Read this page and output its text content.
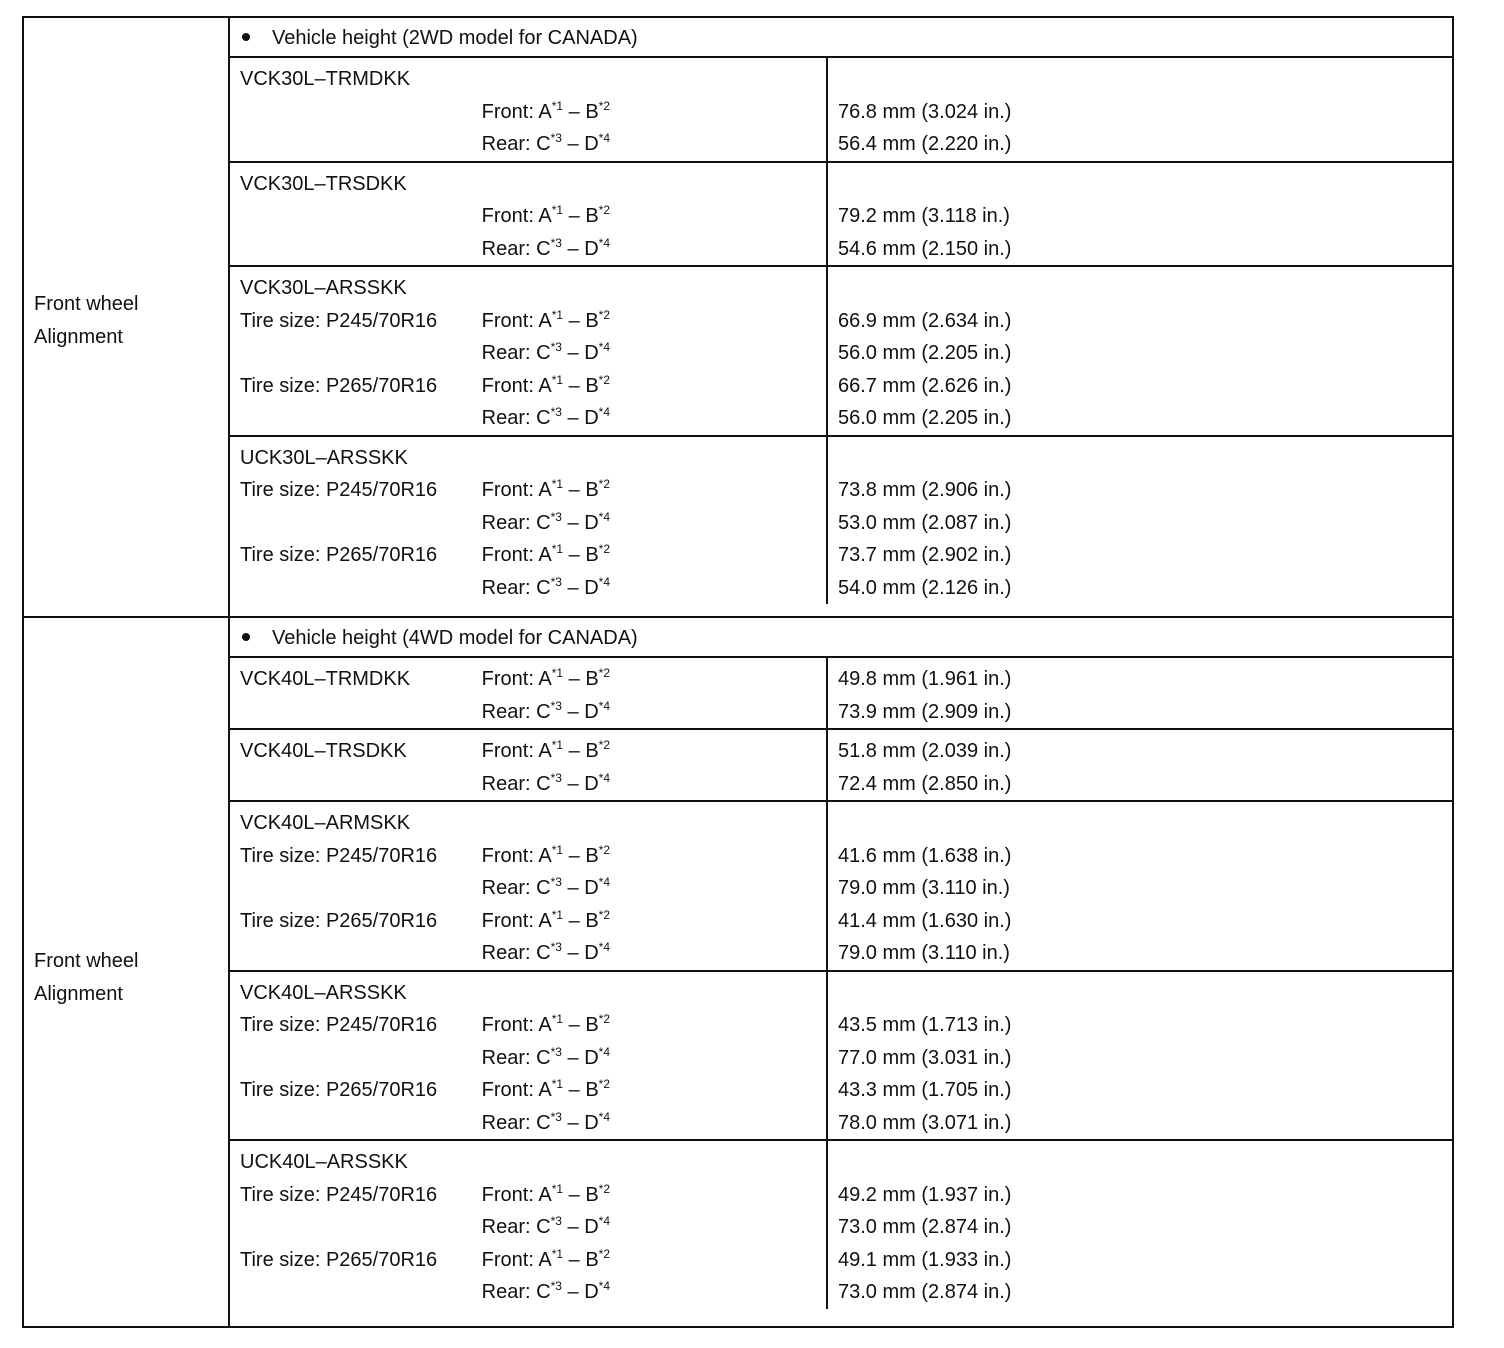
Front wheel
Alignment
Vehicle height (2WD model for CANADA)
VCK30L–TRMDKK
Front: $A^{*1} - B^{*2}$	76.8 mm (3.024 in.)
Rear: $C^{*3} - D^{*4}$	56.4 mm (2.220 in.)
VCK30L–TRSDKK
Front: $A^{*1} - B^{*2}$	79.2 mm (3.118 in.)
Rear: $C^{*3} - D^{*4}$	54.6 mm (2.150 in.)
VCK30L–ARSSKK
Tire size: P245/70R16 Front: $A^{*1} - B^{*2}$	66.9 mm (2.634 in.)
Rear: $C^{*3} - D^{*4}$	56.0 mm (2.205 in.)
Tire size: P265/70R16 Front: $A^{*1} - B^{*2}$	66.7 mm (2.626 in.)
Rear: $C^{*3} - D^{*4}$	56.0 mm (2.205 in.)
UCK30L–ARSSKK
Tire size: P245/70R16 Front: $A^{*1} - B^{*2}$	73.8 mm (2.906 in.)
Rear: $C^{*3} - D^{*4}$	53.0 mm (2.087 in.)
Tire size: P265/70R16 Front: $A^{*1} - B^{*2}$	73.7 mm (2.902 in.)
Rear: $C^{*3} - D^{*4}$	54.0 mm (2.126 in.)
Front wheel
Alignment
Vehicle height (4WD model for CANADA)
VCK40L–TRMDKK	Front: $A^{*1} - B^{*2}$	49.8 mm (1.961 in.)
Rear: $C^{*3} - D^{*4}$	73.9 mm (2.909 in.)
VCK40L–TRSDKK	Front: $A^{*1} - B^{*2}$	51.8 mm (2.039 in.)
Rear: $C^{*3} - D^{*4}$	72.4 mm (2.850 in.)
VCK40L–ARMSKK
Tire size: P245/70R16 Front: $A^{*1} - B^{*2}$	41.6 mm (1.638 in.)
Rear: $C^{*3} - D^{*4}$	79.0 mm (3.110 in.)
Tire size: P265/70R16 Front: $A^{*1} - B^{*2}$	41.4 mm (1.630 in.)
Rear: $C^{*3} - D^{*4}$	79.0 mm (3.110 in.)
VCK40L–ARSSKK
Tire size: P245/70R16 Front: $A^{*1} - B^{*2}$	43.5 mm (1.713 in.)
Rear: $C^{*3} - D^{*4}$	77.0 mm (3.031 in.)
Tire size: P265/70R16 Front: $A^{*1} - B^{*2}$	43.3 mm (1.705 in.)
Rear: $C^{*3} - D^{*4}$	78.0 mm (3.071 in.)
UCK40L–ARSSKK
Tire size: P245/70R16 Front: $A^{*1} - B^{*2}$	49.2 mm (1.937 in.)
Rear: $C^{*3} - D^{*4}$	73.0 mm (2.874 in.)
Tire size: P265/70R16 Front: $A^{*1} - B^{*2}$	49.1 mm (1.933 in.)
Rear: $C^{*3} - D^{*4}$	73.0 mm (2.874 in.)
